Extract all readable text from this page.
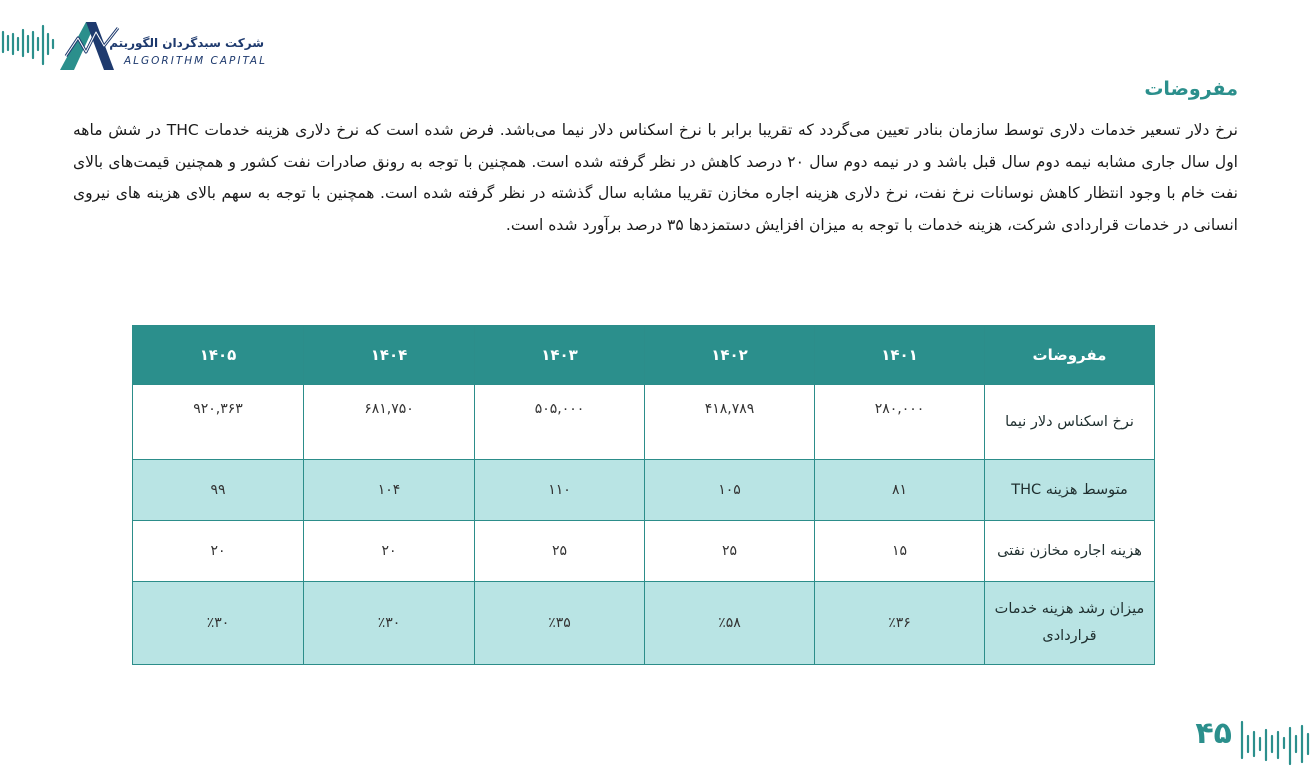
شرکت سبدگردان الگوریتم
ALGORITHM CAPITAL
مفروضات

نرخ دلار تسعیر خدمات دلاری توسط سازمان بنادر تعیین می‌گردد که تقریبا برابر با نرخ اسکناس دلار نیما می‌باشد. فرض شده است که نرخ دلاری هزینه خدمات THC در شش ماهه اول سال جاری مشابه نیمه دوم سال قبل باشد و در نیمه دوم سال ۲۰ درصد کاهش در نظر گرفته شده است. همچنین با توجه به رونق صادرات نفت کشور و همچنین قیمت‌های بالای نفت خام با وجود انتظار کاهش نوسانات نرخ نفت، نرخ دلاری هزینه اجاره مخازن تقریبا مشابه سال گذشته در نظر گرفته شده است. همچنین با توجه به سهم بالای هزینه های نیروی انسانی در خدمات قراردادی شرکت، هزینه خدمات با توجه به میزان افزایش دستمزدها ۳۵ درصد برآورد شده است.

مفروضات	۱۴۰۱	۱۴۰۲	۱۴۰۳	۱۴۰۴	۱۴۰۵
نرخ اسکناس دلار نیما	۲۸۰,۰۰۰	۴۱۸,۷۸۹	۵۰۵,۰۰۰	۶۸۱,۷۵۰	۹۲۰,۳۶۳
متوسط هزینه THC	۸۱	۱۰۵	۱۱۰	۱۰۴	۹۹
هزینه اجاره مخازن نفتی	۱۵	۲۵	۲۵	۲۰	۲۰
میزان رشد هزینه خدمات قراردادی	٪۳۶	٪۵۸	٪۳۵	٪۳۰	٪۳۰
۴۵
